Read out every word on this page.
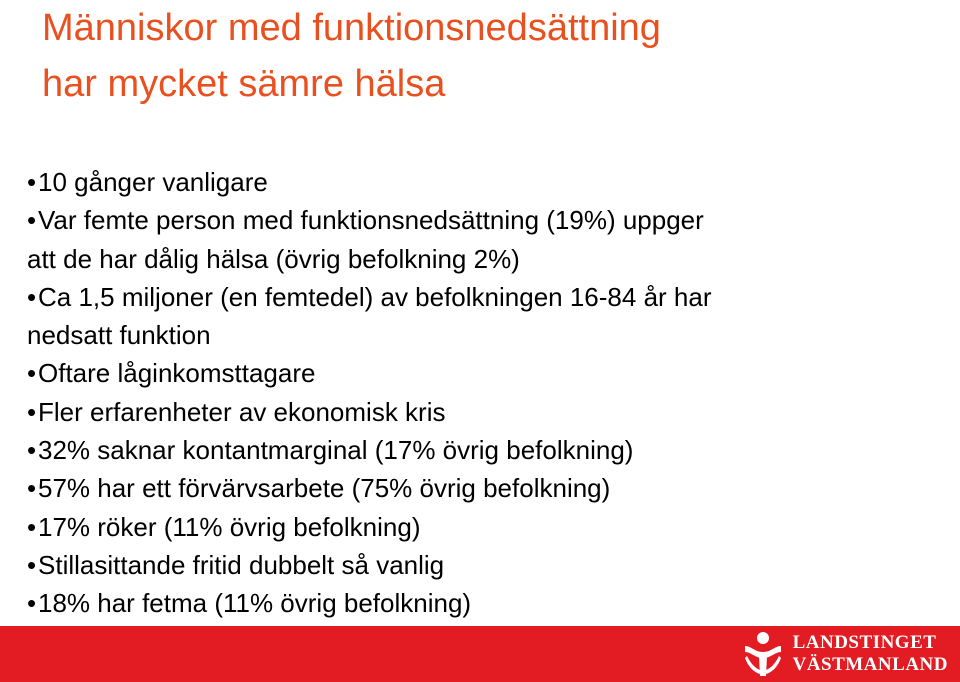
Människor med funktionsnedsättning
har mycket sämre hälsa
•10 gånger vanligare
•Var femte person med funktionsnedsättning (19%) uppger
att de har dålig hälsa (övrig befolkning 2%)
•Ca 1,5 miljoner (en femtedel) av befolkningen 16-84 år har
nedsatt funktion
•Oftare låginkomsttagare
•Fler erfarenheter av ekonomisk kris
•32% saknar kontantmarginal (17% övrig befolkning)
•57% har ett förvärvsarbete (75% övrig befolkning)
•17% röker (11% övrig befolkning)
•Stillasittande fritid dubbelt så vanlig
•18% har fetma (11% övrig befolkning)
LANDSTINGET
VÄSTMANLAND
